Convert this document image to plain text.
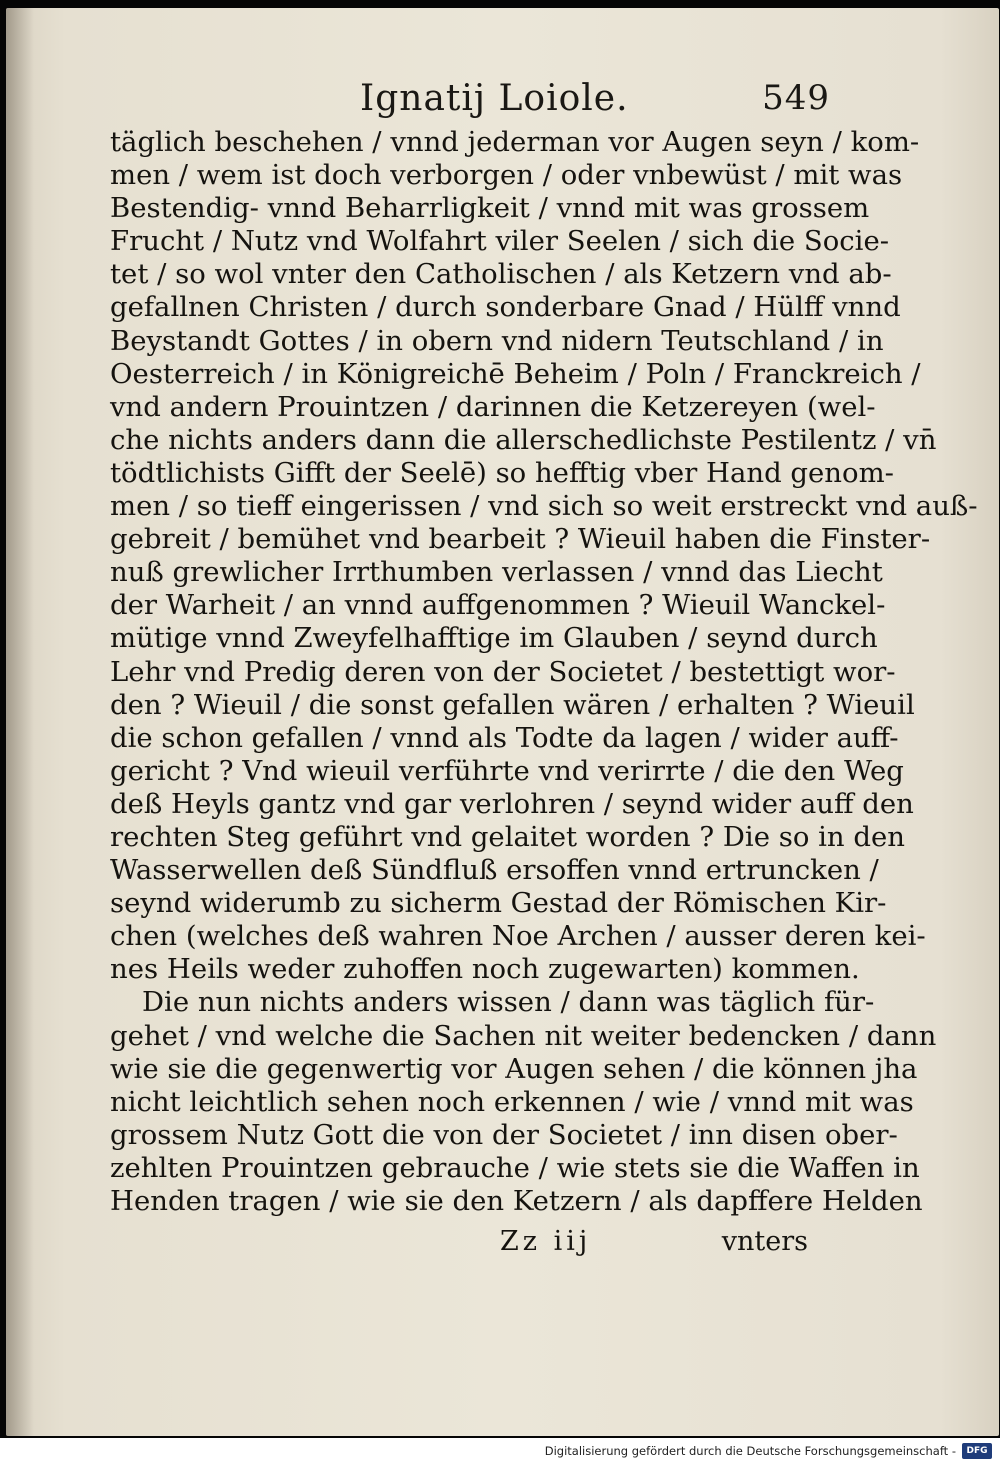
Ignatij Loiole.	549
täglich beschehen / vnnd jederman vor Augen seyn / kom-
men / wem ist doch verborgen / oder vnbewüst / mit was
Bestendig- vnnd Beharrligkeit / vnnd mit was grossem
Frucht / Nutz vnd Wolfahrt viler Seelen / sich die Socie-
tet / so wol vnter den Catholischen / als Ketzern vnd ab-
gefallnen Christen / durch sonderbare Gnad / Hülff vnnd
Beystandt Gottes / in obern vnd nidern Teutschland / in
Oesterreich / in Königreichē Beheim / Poln / Franckreich /
vnd andern Prouintzen / darinnen die Ketzereyen (wel-
che nichts anders dann die allerschedlichste Pestilentz / vn̄
tödtlichists Gifft der Seelē) so hefftig vber Hand genom-
men / so tieff eingerissen / vnd sich so weit erstreckt vnd auß-
gebreit / bemühet vnd bearbeit ? Wieuil haben die Finster-
nuß grewlicher Irrthumben verlassen / vnnd das Liecht
der Warheit / an vnnd auffgenommen ? Wieuil Wanckel-
mütige vnnd Zweyfelhafftige im Glauben / seynd durch
Lehr vnd Predig deren von der Societet / bestettigt wor-
den ? Wieuil / die sonst gefallen wären / erhalten ? Wieuil
die schon gefallen / vnnd als Todte da lagen / wider auff-
gericht ? Vnd wieuil verführte vnd verirrte / die den Weg
deß Heyls gantz vnd gar verlohren / seynd wider auff den
rechten Steg geführt vnd gelaitet worden ? Die so in den
Wasserwellen deß Sündfluß ersoffen vnnd ertruncken /
seynd widerumb zu sicherm Gestad der Römischen Kir-
chen (welches deß wahren Noe Archen / ausser deren kei-
nes Heils weder zuhoffen noch zugewarten) kommen.
Die nun nichts anders wissen / dann was täglich für-
gehet / vnd welche die Sachen nit weiter bedencken / dann
wie sie die gegenwertig vor Augen sehen / die können jha
nicht leichtlich sehen noch erkennen / wie / vnnd mit was
grossem Nutz Gott die von der Societet / inn disen ober-
zehlten Prouintzen gebrauche / wie stets sie die Waffen in
Henden tragen / wie sie den Ketzern / als dapffere Helden
Zz iij	vnters
Digitalisierung gefördert durch die Deutsche Forschungsgemeinschaft -	DFG
